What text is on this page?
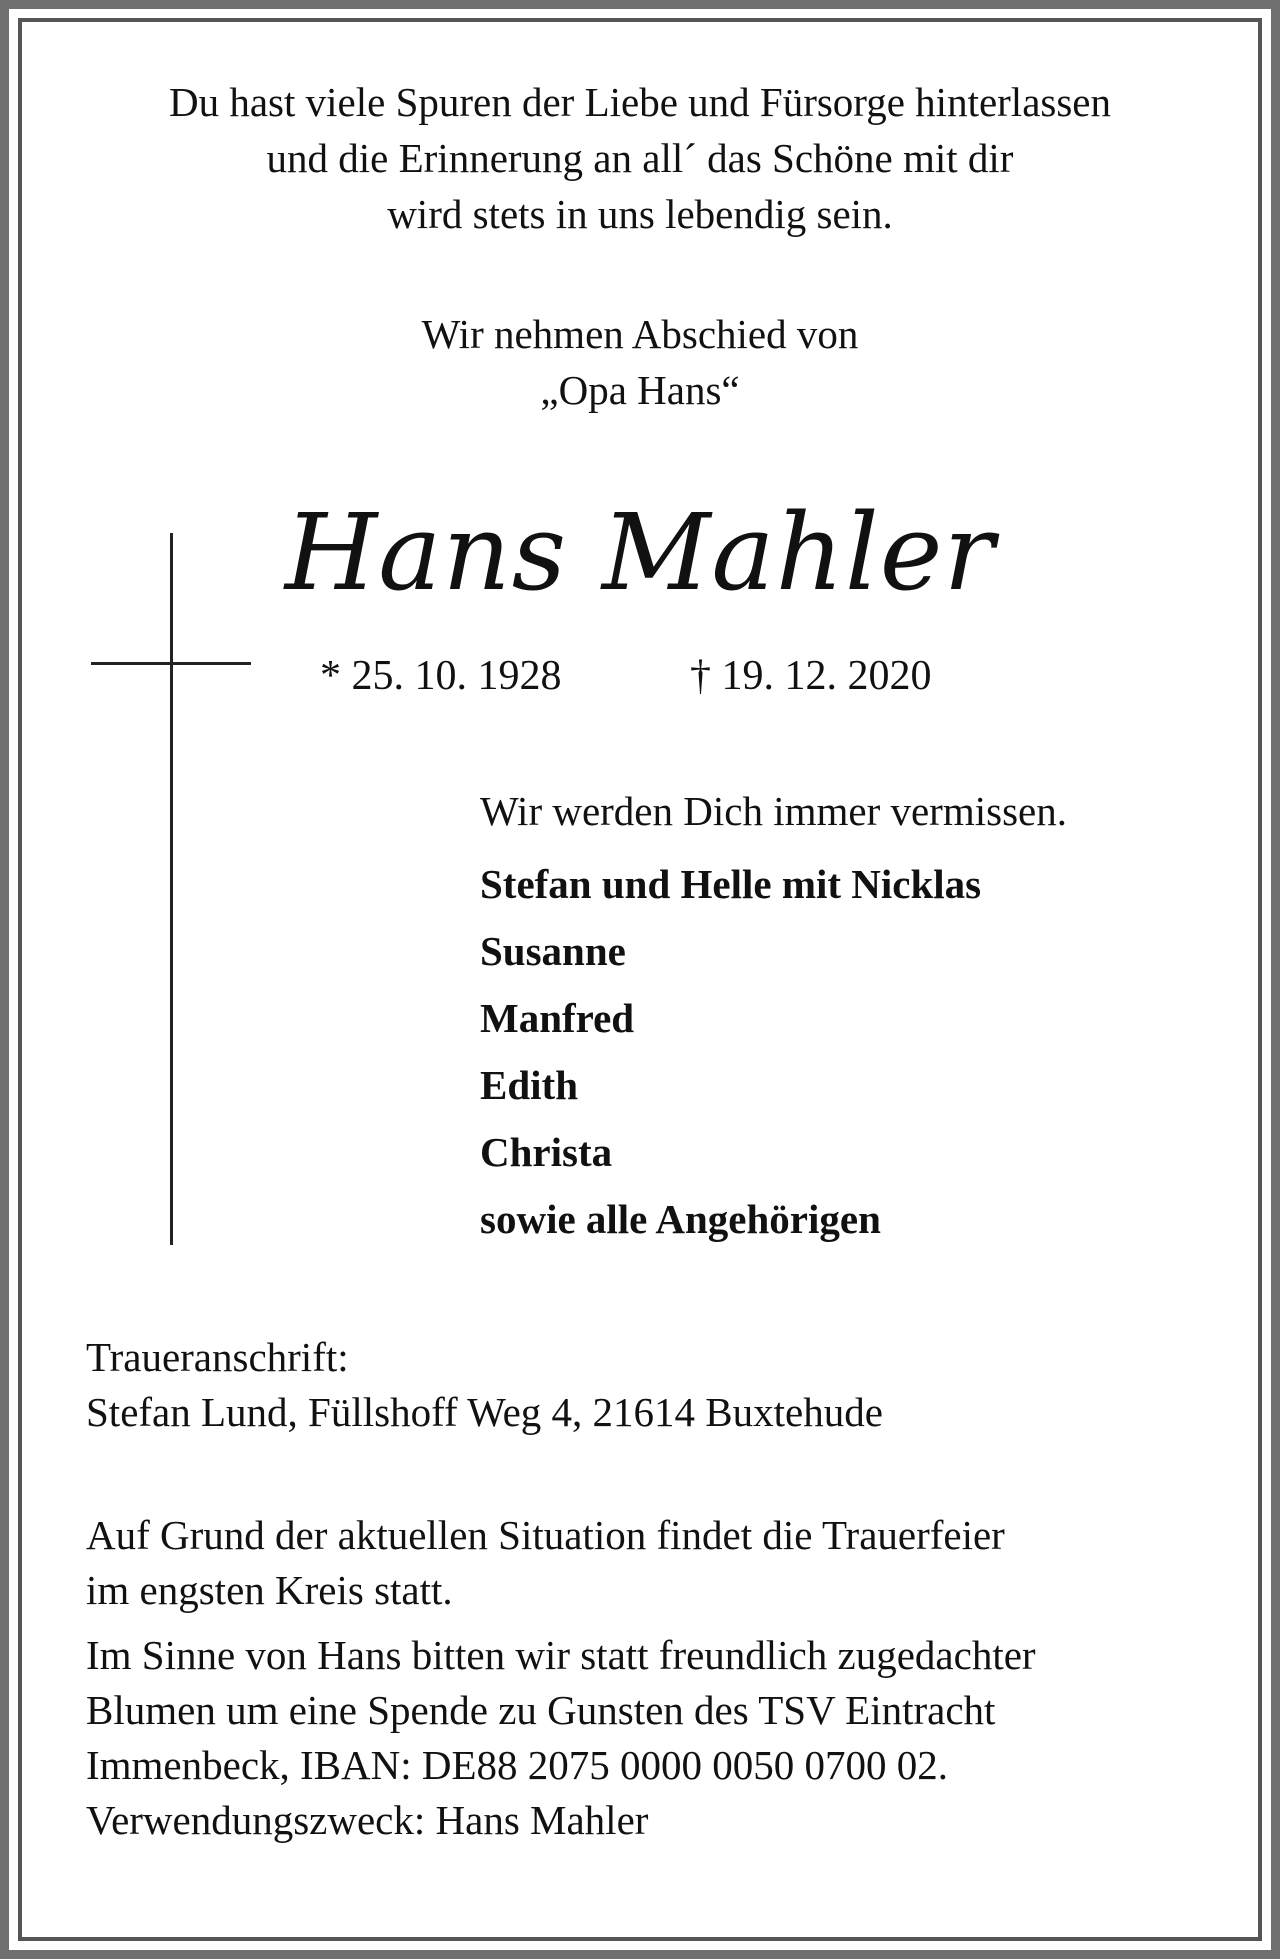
Du hast viele Spuren der Liebe und Fürsorge hinterlassen

und die Erinnerung an all´ das Schöne mit dir

wird stets in uns lebendig sein.

Wir nehmen Abschied von

„Opa Hans“

Hans Mahler
* 25. 10. 1928	† 19. 12. 2020

Wir werden Dich immer vermissen.

Stefan und Helle mit Nicklas

Susanne

Manfred

Edith

Christa

sowie alle Angehörigen

Traueranschrift:

Stefan Lund, Füllshoff Weg 4, 21614 Buxtehude

Auf Grund der aktuellen Situation findet die Trauerfeier

im engsten Kreis statt.

Im Sinne von Hans bitten wir statt freundlich zugedachter

Blumen um eine Spende zu Gunsten des TSV Eintracht

Immenbeck, IBAN: DE88 2075 0000 0050 0700 02.

Verwendungszweck: Hans Mahler
